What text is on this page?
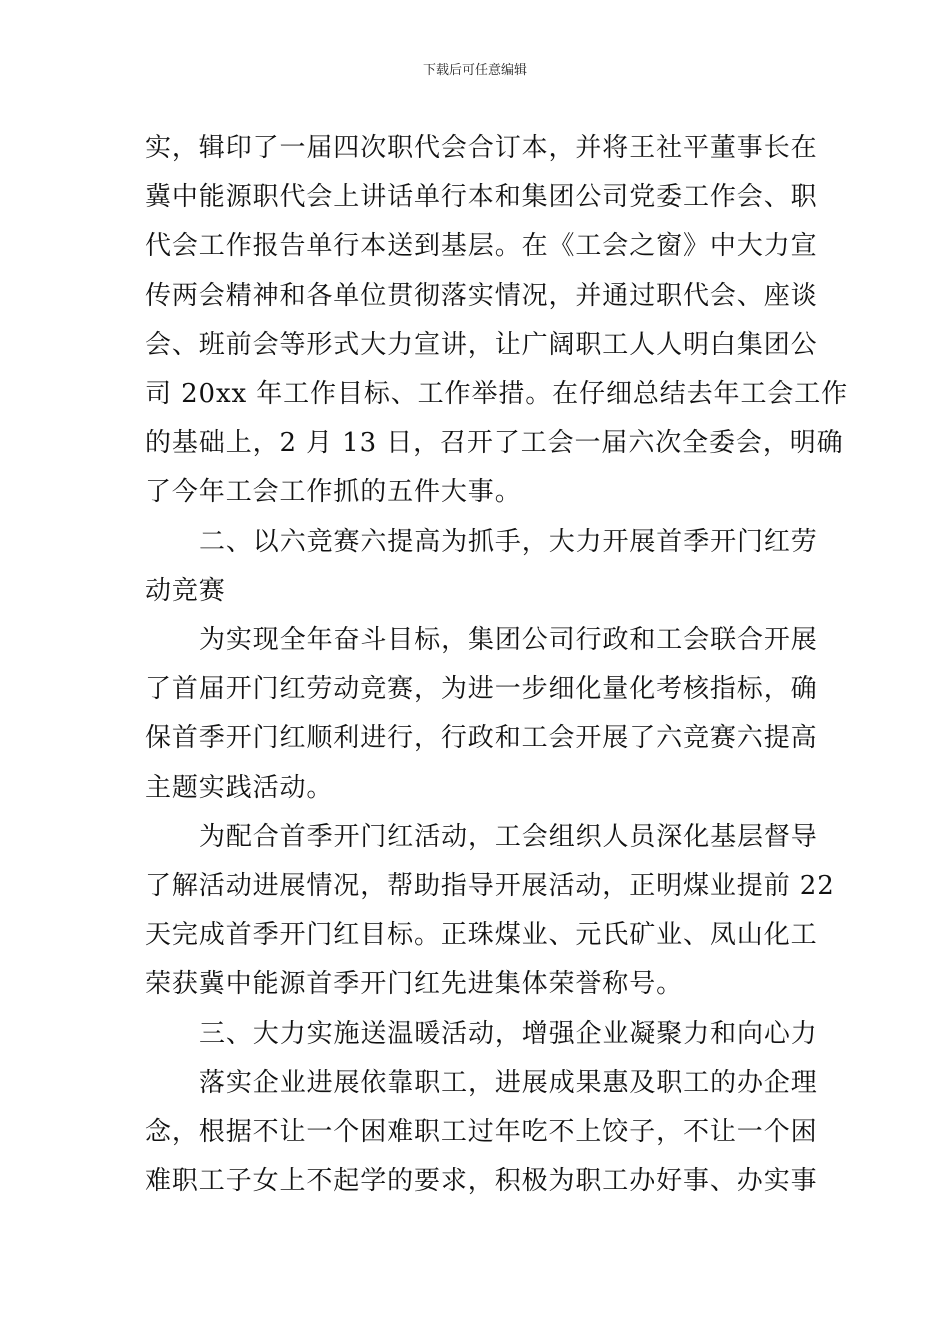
下载后可任意编辑

实，辑印了一届四次职代会合订本，并将王社平董事长在
冀中能源职代会上讲话单行本和集团公司党委工作会、职
代会工作报告单行本送到基层。在《工会之窗》中大力宣
传两会精神和各单位贯彻落实情况，并通过职代会、座谈
会、班前会等形式大力宣讲，让广阔职工人人明白集团公
司 20xx 年工作目标、工作举措。在仔细总结去年工会工作
的基础上，2 月 13 日，召开了工会一届六次全委会，明确
了今年工会工作抓的五件大事。

二、以六竞赛六提高为抓手，大力开展首季开门红劳
动竞赛

为实现全年奋斗目标，集团公司行政和工会联合开展
了首届开门红劳动竞赛，为进一步细化量化考核指标，确
保首季开门红顺利进行，行政和工会开展了六竞赛六提高
主题实践活动。

为配合首季开门红活动，工会组织人员深化基层督导
了解活动进展情况，帮助指导开展活动，正明煤业提前 22
天完成首季开门红目标。正珠煤业、元氏矿业、凤山化工
荣获冀中能源首季开门红先进集体荣誉称号。

三、大力实施送温暖活动，增强企业凝聚力和向心力

落实企业进展依靠职工，进展成果惠及职工的办企理
念，根据不让一个困难职工过年吃不上饺子，不让一个困
难职工子女上不起学的要求，积极为职工办好事、办实事
